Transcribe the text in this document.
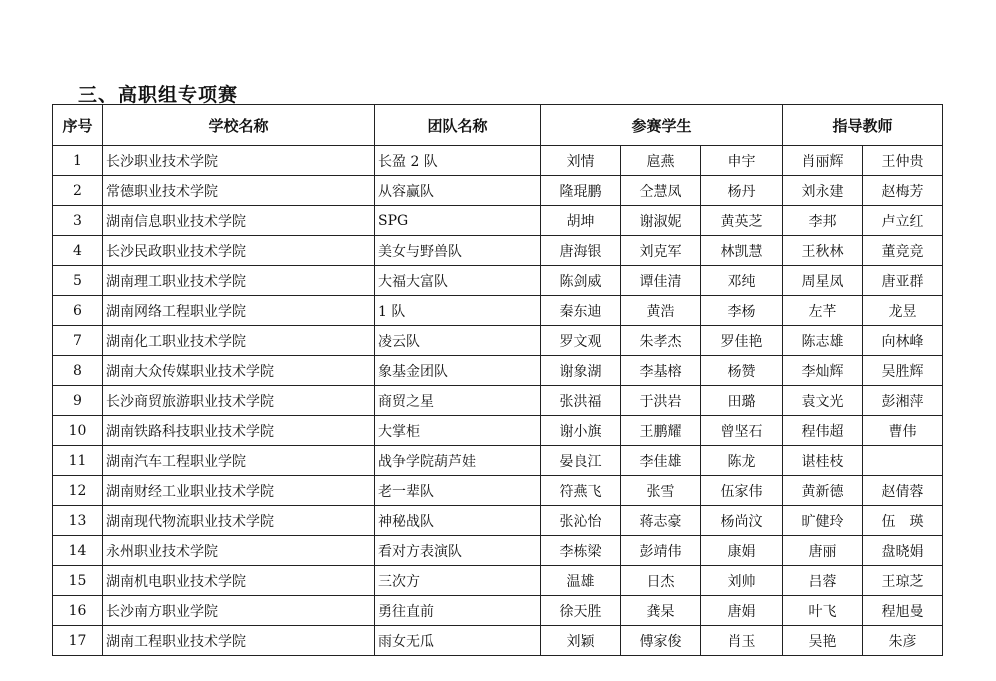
三、高职组专项赛
序号	学校名称	团队名称	参赛学生			指导教师	
1	长沙职业技术学院	长盈 2 队	刘情	扈燕	申宇	肖丽辉	王仲贵
2	常德职业技术学院	从容赢队	隆琨鹏	仝慧凤	杨丹	刘永建	赵梅芳
3	湖南信息职业技术学院	SPG	胡坤	谢淑妮	黄英芝	李邦	卢立红
4	长沙民政职业技术学院	美女与野兽队	唐海银	刘克军	林凯慧	王秋林	董竞竞
5	湖南理工职业技术学院	大福大富队	陈剑威	谭佳清	邓纯	周星凤	唐亚群
6	湖南网络工程职业学院	1 队	秦东迪	黄浩	李杨	左芊	龙昱
7	湖南化工职业技术学院	凌云队	罗文观	朱孝杰	罗佳艳	陈志雄	向林峰
8	湖南大众传媒职业技术学院	象基金团队	谢象湖	李基榕	杨赞	李灿辉	吴胜辉
9	长沙商贸旅游职业技术学院	商贸之星	张洪福	于洪岩	田璐	袁文光	彭湘萍
10	湖南铁路科技职业技术学院	大掌柜	谢小旗	王鹏耀	曾坚石	程伟超	曹伟
11	湖南汽车工程职业学院	战争学院葫芦娃	晏良江	李佳雄	陈龙	谌桂枝	
12	湖南财经工业职业技术学院	老一辈队	符燕飞	张雪	伍家伟	黄新德	赵倩蓉
13	湖南现代物流职业技术学院	神秘战队	张沁怡	蒋志豪	杨尚汶	旷健玲	伍　瑛
14	永州职业技术学院	看对方表演队	李栋梁	彭靖伟	康娟	唐丽	盘晓娟
15	湖南机电职业技术学院	三次方	温雄	日杰	刘帅	吕蓉	王琼芝
16	长沙南方职业学院	勇往直前	徐天胜	龚杲	唐娟	叶飞	程旭曼
17	湖南工程职业技术学院	雨女无瓜	刘颖	傅家俊	肖玉	吴艳	朱彦
